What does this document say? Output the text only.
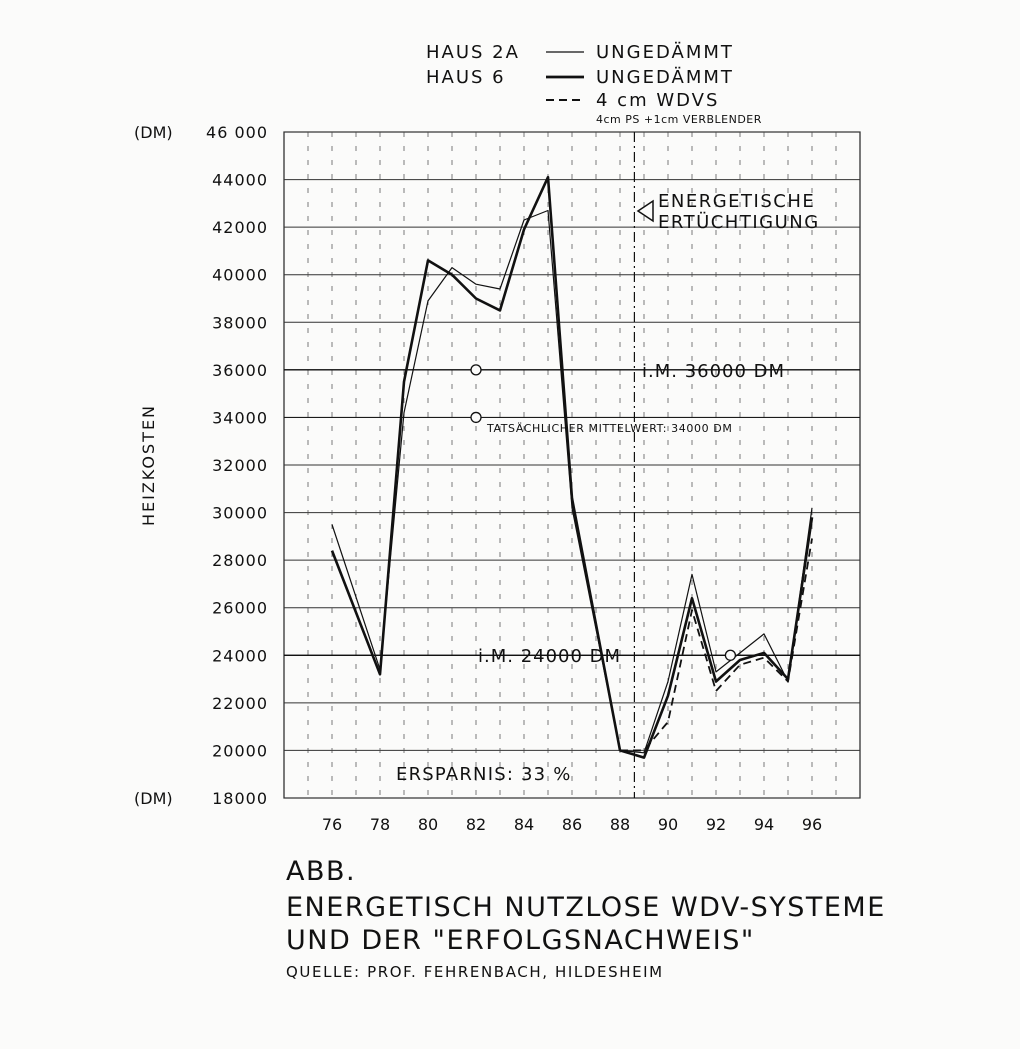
18000
20000
22000
24000
26000
28000
30000
32000
34000
36000
38000
40000
42000
44000
46 000
76 78 80 82 84 86 88 90 92 94 96
(DM)
(DM)
HEIZKOSTEN
HAUS 2A	UNGEDÄMMT
HAUS 6	UNGEDÄMMT
4 cm WDVS
4cm PS +1cm VERBLENDER
ENERGETISCHE
ERTÜCHTIGUNG
i.M. 36000 DM
TATSÄCHLICHER MITTELWERT: 34000 DM
i.M. 24000 DM
ERSPARNIS: 33 %
ABB.
ENERGETISCH NUTZLOSE WDV-SYSTEME
UND DER "ERFOLGSNACHWEIS"
QUELLE: PROF. FEHRENBACH, HILDESHEIM
